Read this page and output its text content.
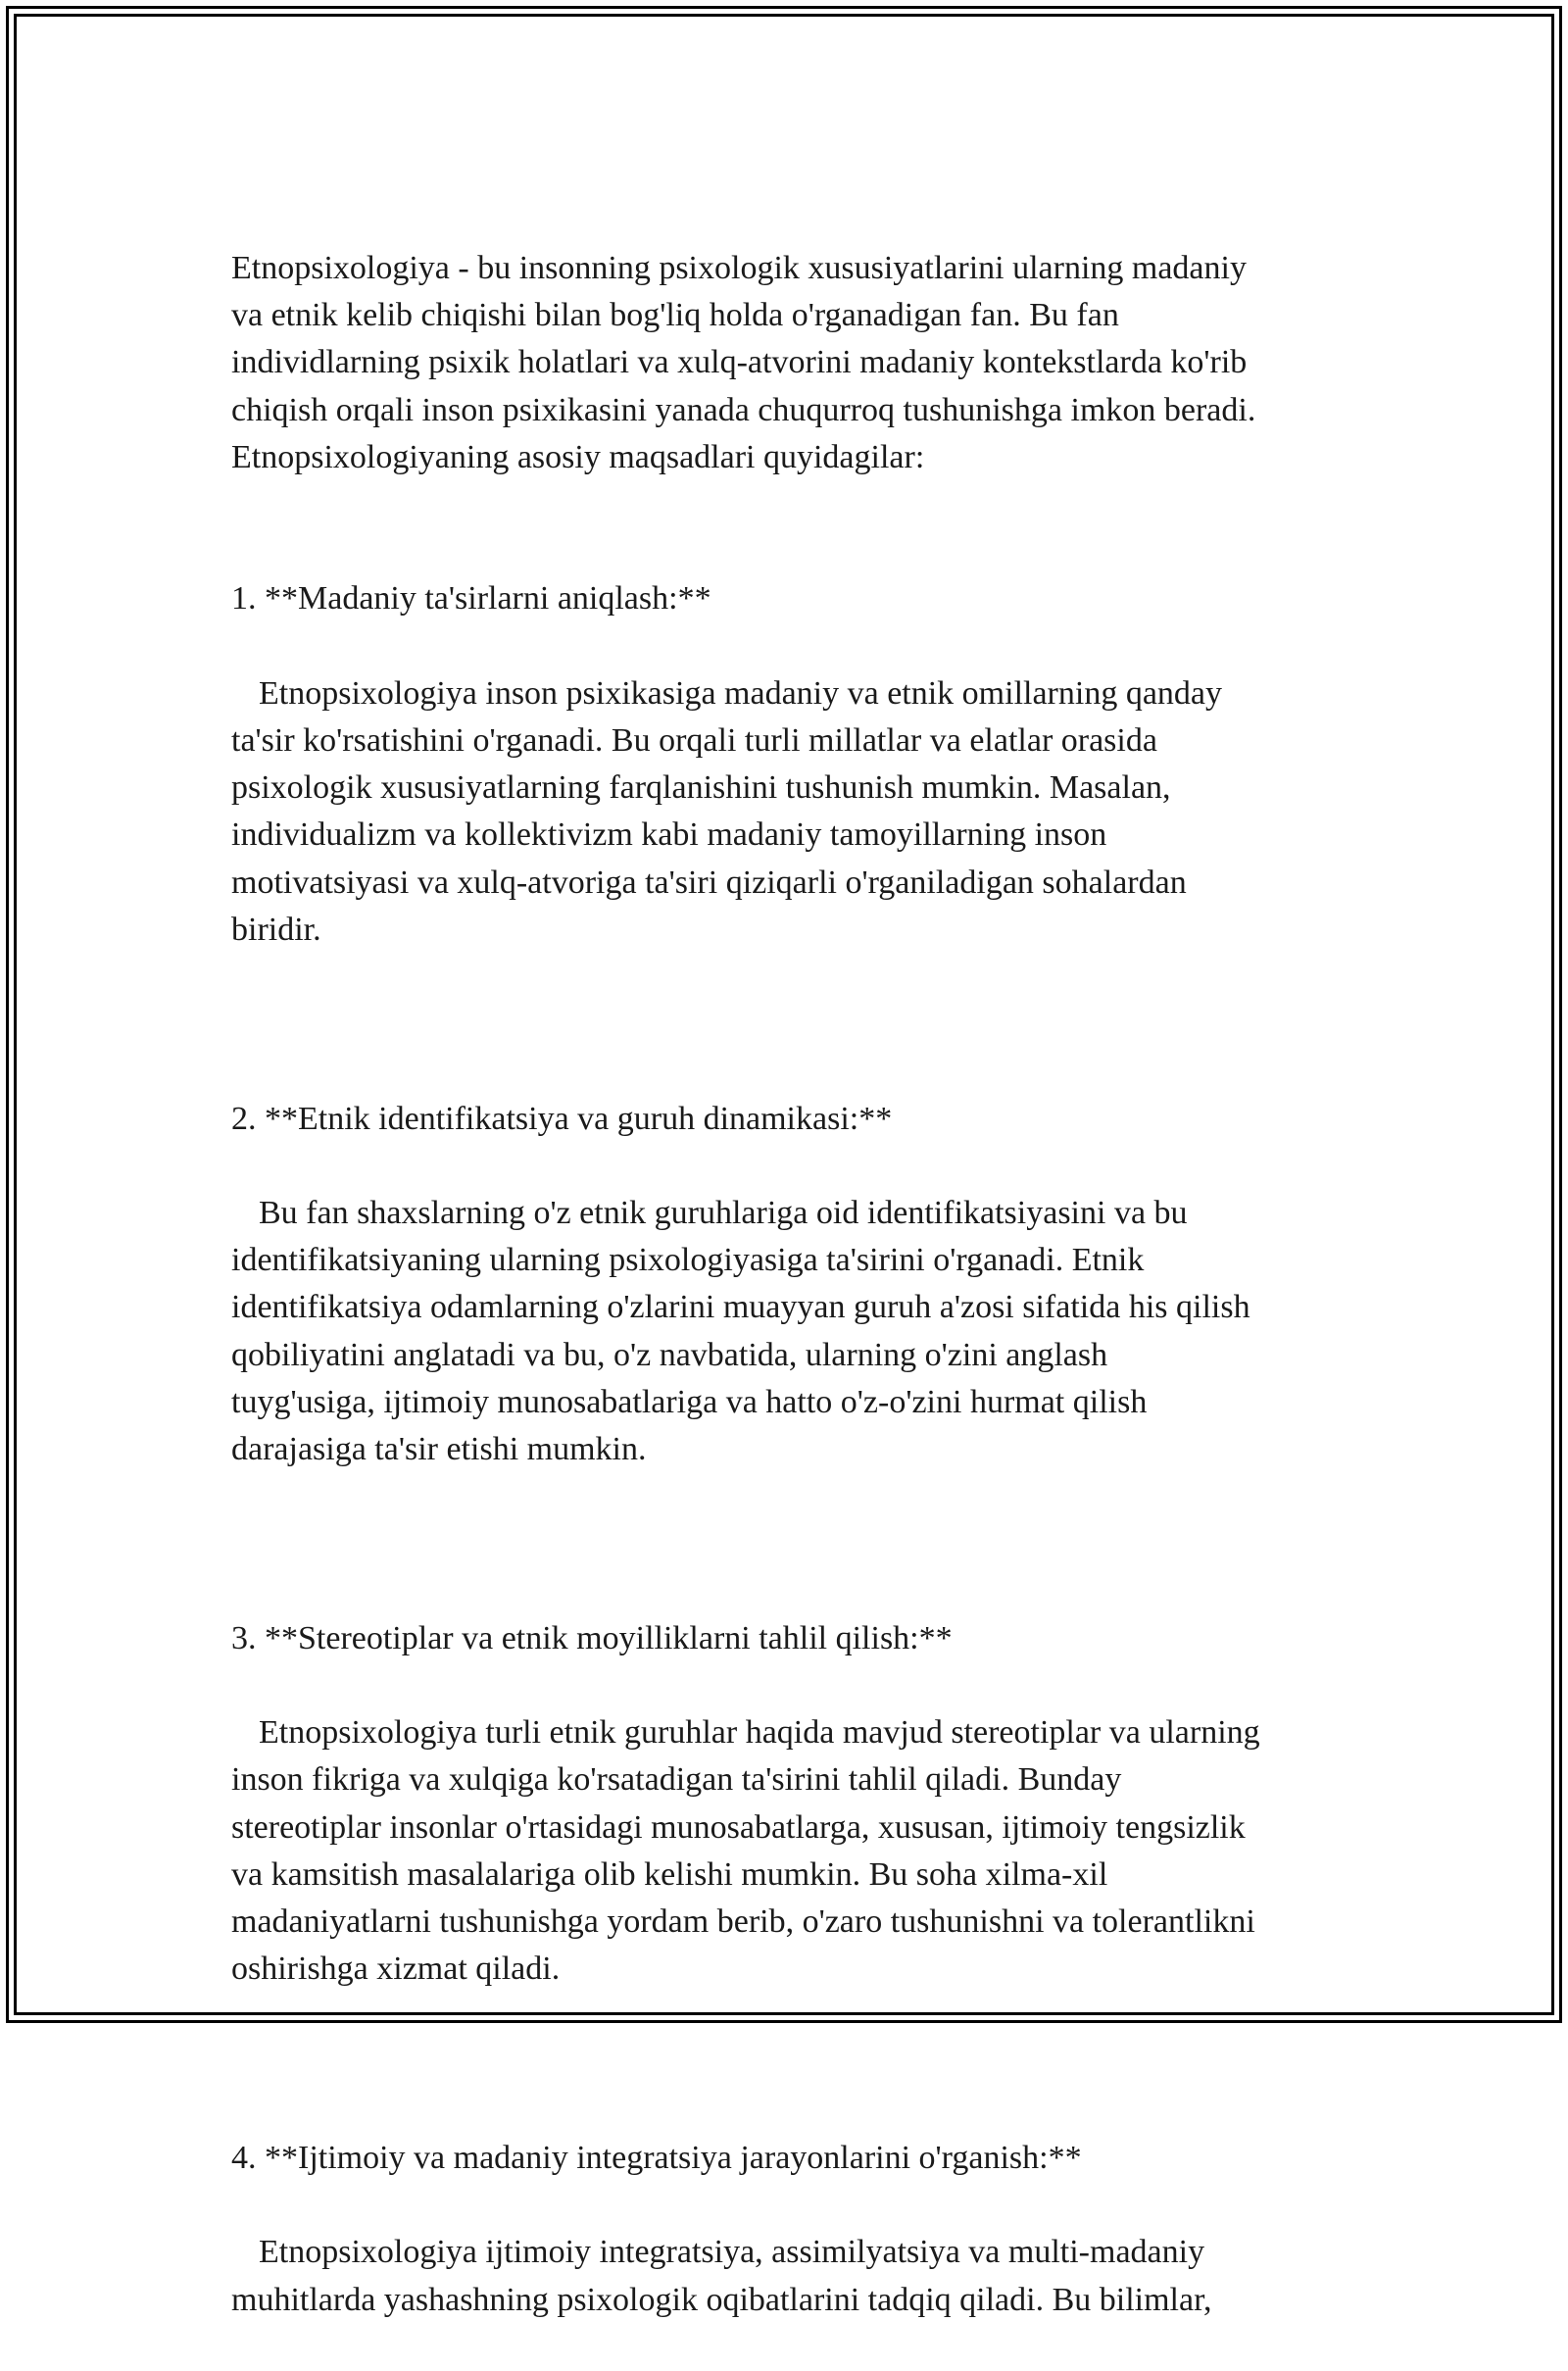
Etnopsixologiya - bu insonning psixologik xususiyatlarini ularning madaniy
va etnik kelib chiqishi bilan bog'liq holda o'rganadigan fan. Bu fan
individlarning psixik holatlari va xulq-atvorini madaniy kontekstlarda ko'rib
chiqish orqali inson psixikasini yanada chuqurroq tushunishga imkon beradi.
Etnopsixologiyaning asosiy maqsadlari quyidagilar:

1. **Madaniy ta'sirlarni aniqlash:**

Etnopsixologiya inson psixikasiga madaniy va etnik omillarning qanday
ta'sir ko'rsatishini o'rganadi. Bu orqali turli millatlar va elatlar orasida
psixologik xususiyatlarning farqlanishini tushunish mumkin. Masalan,
individualizm va kollektivizm kabi madaniy tamoyillarning inson
motivatsiyasi va xulq-atvoriga ta'siri qiziqarli o'rganiladigan sohalardan
biridir.

2. **Etnik identifikatsiya va guruh dinamikasi:**

Bu fan shaxslarning o'z etnik guruhlariga oid identifikatsiyasini va bu
identifikatsiyaning ularning psixologiyasiga ta'sirini o'rganadi. Etnik
identifikatsiya odamlarning o'zlarini muayyan guruh a'zosi sifatida his qilish
qobiliyatini anglatadi va bu, o'z navbatida, ularning o'zini anglash
tuyg'usiga, ijtimoiy munosabatlariga va hatto o'z-o'zini hurmat qilish
darajasiga ta'sir etishi mumkin.

3. **Stereotiplar va etnik moyilliklarni tahlil qilish:**

Etnopsixologiya turli etnik guruhlar haqida mavjud stereotiplar va ularning
inson fikriga va xulqiga ko'rsatadigan ta'sirini tahlil qiladi. Bunday
stereotiplar insonlar o'rtasidagi munosabatlarga, xususan, ijtimoiy tengsizlik
va kamsitish masalalariga olib kelishi mumkin. Bu soha xilma-xil
madaniyatlarni tushunishga yordam berib, o'zaro tushunishni va tolerantlikni
oshirishga xizmat qiladi.

4. **Ijtimoiy va madaniy integratsiya jarayonlarini o'rganish:**

Etnopsixologiya ijtimoiy integratsiya, assimilyatsiya va multi-madaniy
muhitlarda yashashning psixologik oqibatlarini tadqiq qiladi. Bu bilimlar,
